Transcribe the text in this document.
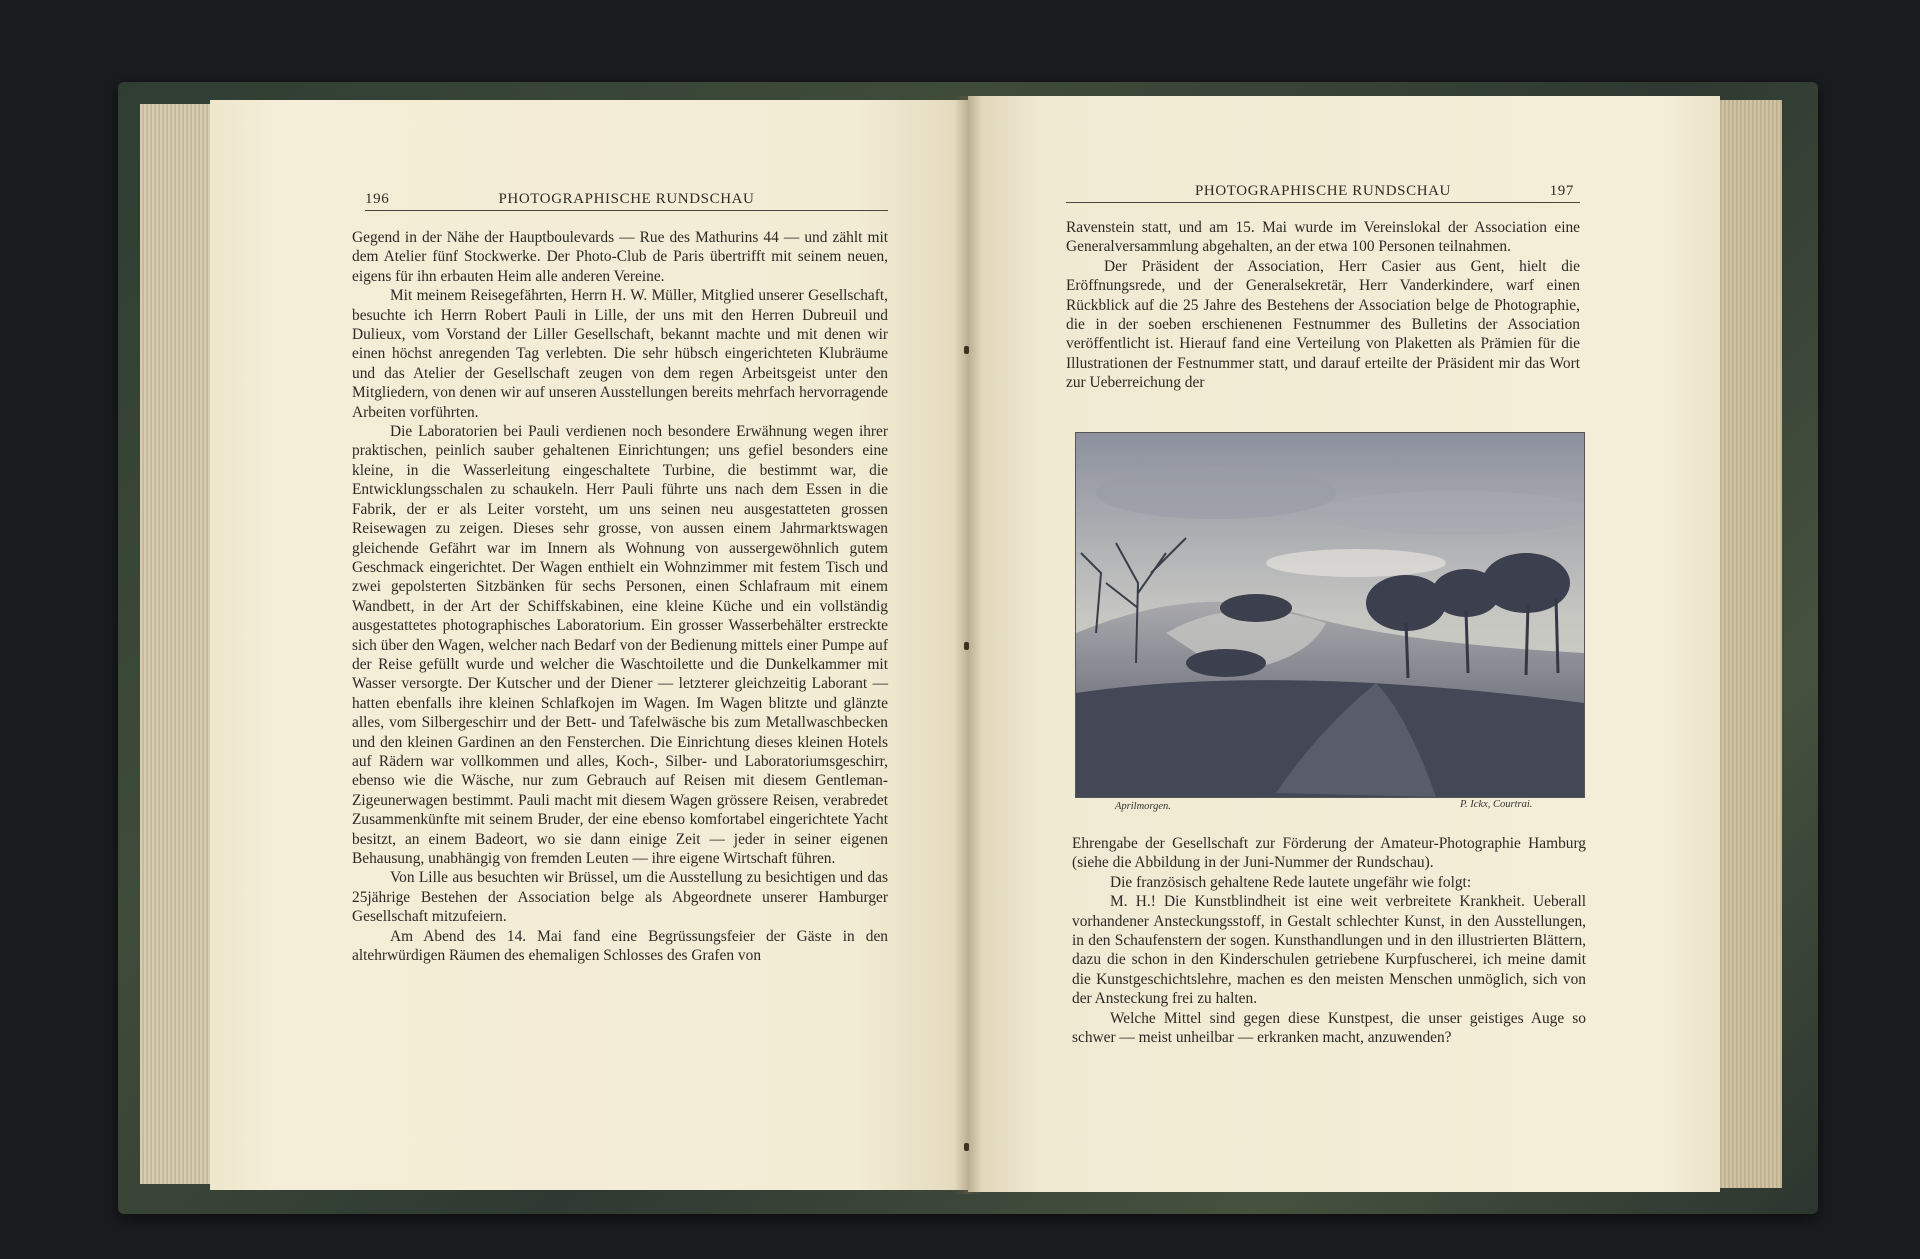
196	PHOTOGRAPHISCHE RUNDSCHAU

Gegend in der Nähe der Hauptboulevards — Rue des Mathurins 44 — und zählt mit dem Atelier fünf Stockwerke. Der Photo-Club de Paris übertrifft mit seinem neuen, eigens für ihn erbauten Heim alle anderen Vereine.

Mit meinem Reisegefährten, Herrn H. W. Müller, Mitglied unserer Gesellschaft, besuchte ich Herrn Robert Pauli in Lille, der uns mit den Herren Dubreuil und Dulieux, vom Vorstand der Liller Gesellschaft, bekannt machte und mit denen wir einen höchst anregenden Tag verlebten. Die sehr hübsch eingerichteten Klubräume und das Atelier der Gesellschaft zeugen von dem regen Arbeitsgeist unter den Mitgliedern, von denen wir auf unseren Ausstellungen bereits mehrfach hervorragende Arbeiten vorführten.

Die Laboratorien bei Pauli verdienen noch besondere Erwähnung wegen ihrer praktischen, peinlich sauber gehaltenen Einrichtungen; uns gefiel besonders eine kleine, in die Wasserleitung eingeschaltete Turbine, die bestimmt war, die Entwicklungsschalen zu schaukeln. Herr Pauli führte uns nach dem Essen in die Fabrik, der er als Leiter vorsteht, um uns seinen neu ausgestatteten grossen Reisewagen zu zeigen. Dieses sehr grosse, von aussen einem Jahrmarktswagen gleichende Gefährt war im Innern als Wohnung von aussergewöhnlich gutem Geschmack eingerichtet. Der Wagen enthielt ein Wohnzimmer mit festem Tisch und zwei gepolsterten Sitzbänken für sechs Personen, einen Schlafraum mit einem Wandbett, in der Art der Schiffskabinen, eine kleine Küche und ein vollständig ausgestattetes photographisches Laboratorium. Ein grosser Wasserbehälter erstreckte sich über den Wagen, welcher nach Bedarf von der Bedienung mittels einer Pumpe auf der Reise gefüllt wurde und welcher die Waschtoilette und die Dunkelkammer mit Wasser versorgte. Der Kutscher und der Diener — letzterer gleichzeitig Laborant — hatten ebenfalls ihre kleinen Schlafkojen im Wagen. Im Wagen blitzte und glänzte alles, vom Silbergeschirr und der Bett- und Tafelwäsche bis zum Metallwaschbecken und den kleinen Gardinen an den Fensterchen. Die Einrichtung dieses kleinen Hotels auf Rädern war vollkommen und alles, Koch-, Silber- und Laboratoriumsgeschirr, ebenso wie die Wäsche, nur zum Gebrauch auf Reisen mit diesem Gentleman-Zigeunerwagen bestimmt. Pauli macht mit diesem Wagen grössere Reisen, verabredet Zusammenkünfte mit seinem Bruder, der eine ebenso komfortabel eingerichtete Yacht besitzt, an einem Badeort, wo sie dann einige Zeit — jeder in seiner eigenen Behausung, unabhängig von fremden Leuten — ihre eigene Wirtschaft führen.

Von Lille aus besuchten wir Brüssel, um die Ausstellung zu besichtigen und das 25jährige Bestehen der Association belge als Abgeordnete unserer Hamburger Gesellschaft mitzufeiern.

Am Abend des 14. Mai fand eine Begrüssungsfeier der Gäste in den altehrwürdigen Räumen des ehemaligen Schlosses des Grafen von

PHOTOGRAPHISCHE RUNDSCHAU	197

Ravenstein statt, und am 15. Mai wurde im Vereinslokal der Association eine Generalversammlung abgehalten, an der etwa 100 Personen teilnahmen.

Der Präsident der Association, Herr Casier aus Gent, hielt die Eröffnungsrede, und der Generalsekretär, Herr Vanderkindere, warf einen Rückblick auf die 25 Jahre des Bestehens der Association belge de Photographie, die in der soeben erschienenen Festnummer des Bulletins der Association veröffentlicht ist. Hierauf fand eine Verteilung von Plaketten als Prämien für die Illustrationen der Festnummer statt, und darauf erteilte der Präsident mir das Wort zur Ueberreichung der

Ehrengabe der Gesellschaft zur Förderung der Amateur-Photographie Hamburg (siehe die Abbildung in der Juni-Nummer der Rundschau).

Die französisch gehaltene Rede lautete ungefähr wie folgt:

M. H.! Die Kunstblindheit ist eine weit verbreitete Krankheit. Ueberall vorhandener Ansteckungsstoff, in Gestalt schlechter Kunst, in den Ausstellungen, in den Schaufenstern der sogen. Kunsthandlungen und in den illustrierten Blättern, dazu die schon in den Kinderschulen getriebene Kurpfuscherei, ich meine damit die Kunstgeschichtslehre, machen es den meisten Menschen unmöglich, sich von der Ansteckung frei zu halten.

Welche Mittel sind gegen diese Kunstpest, die unser geistiges Auge so schwer — meist unheilbar — erkranken macht, anzuwenden?

Aprilmorgen.	P. Ickx, Courtrai.
